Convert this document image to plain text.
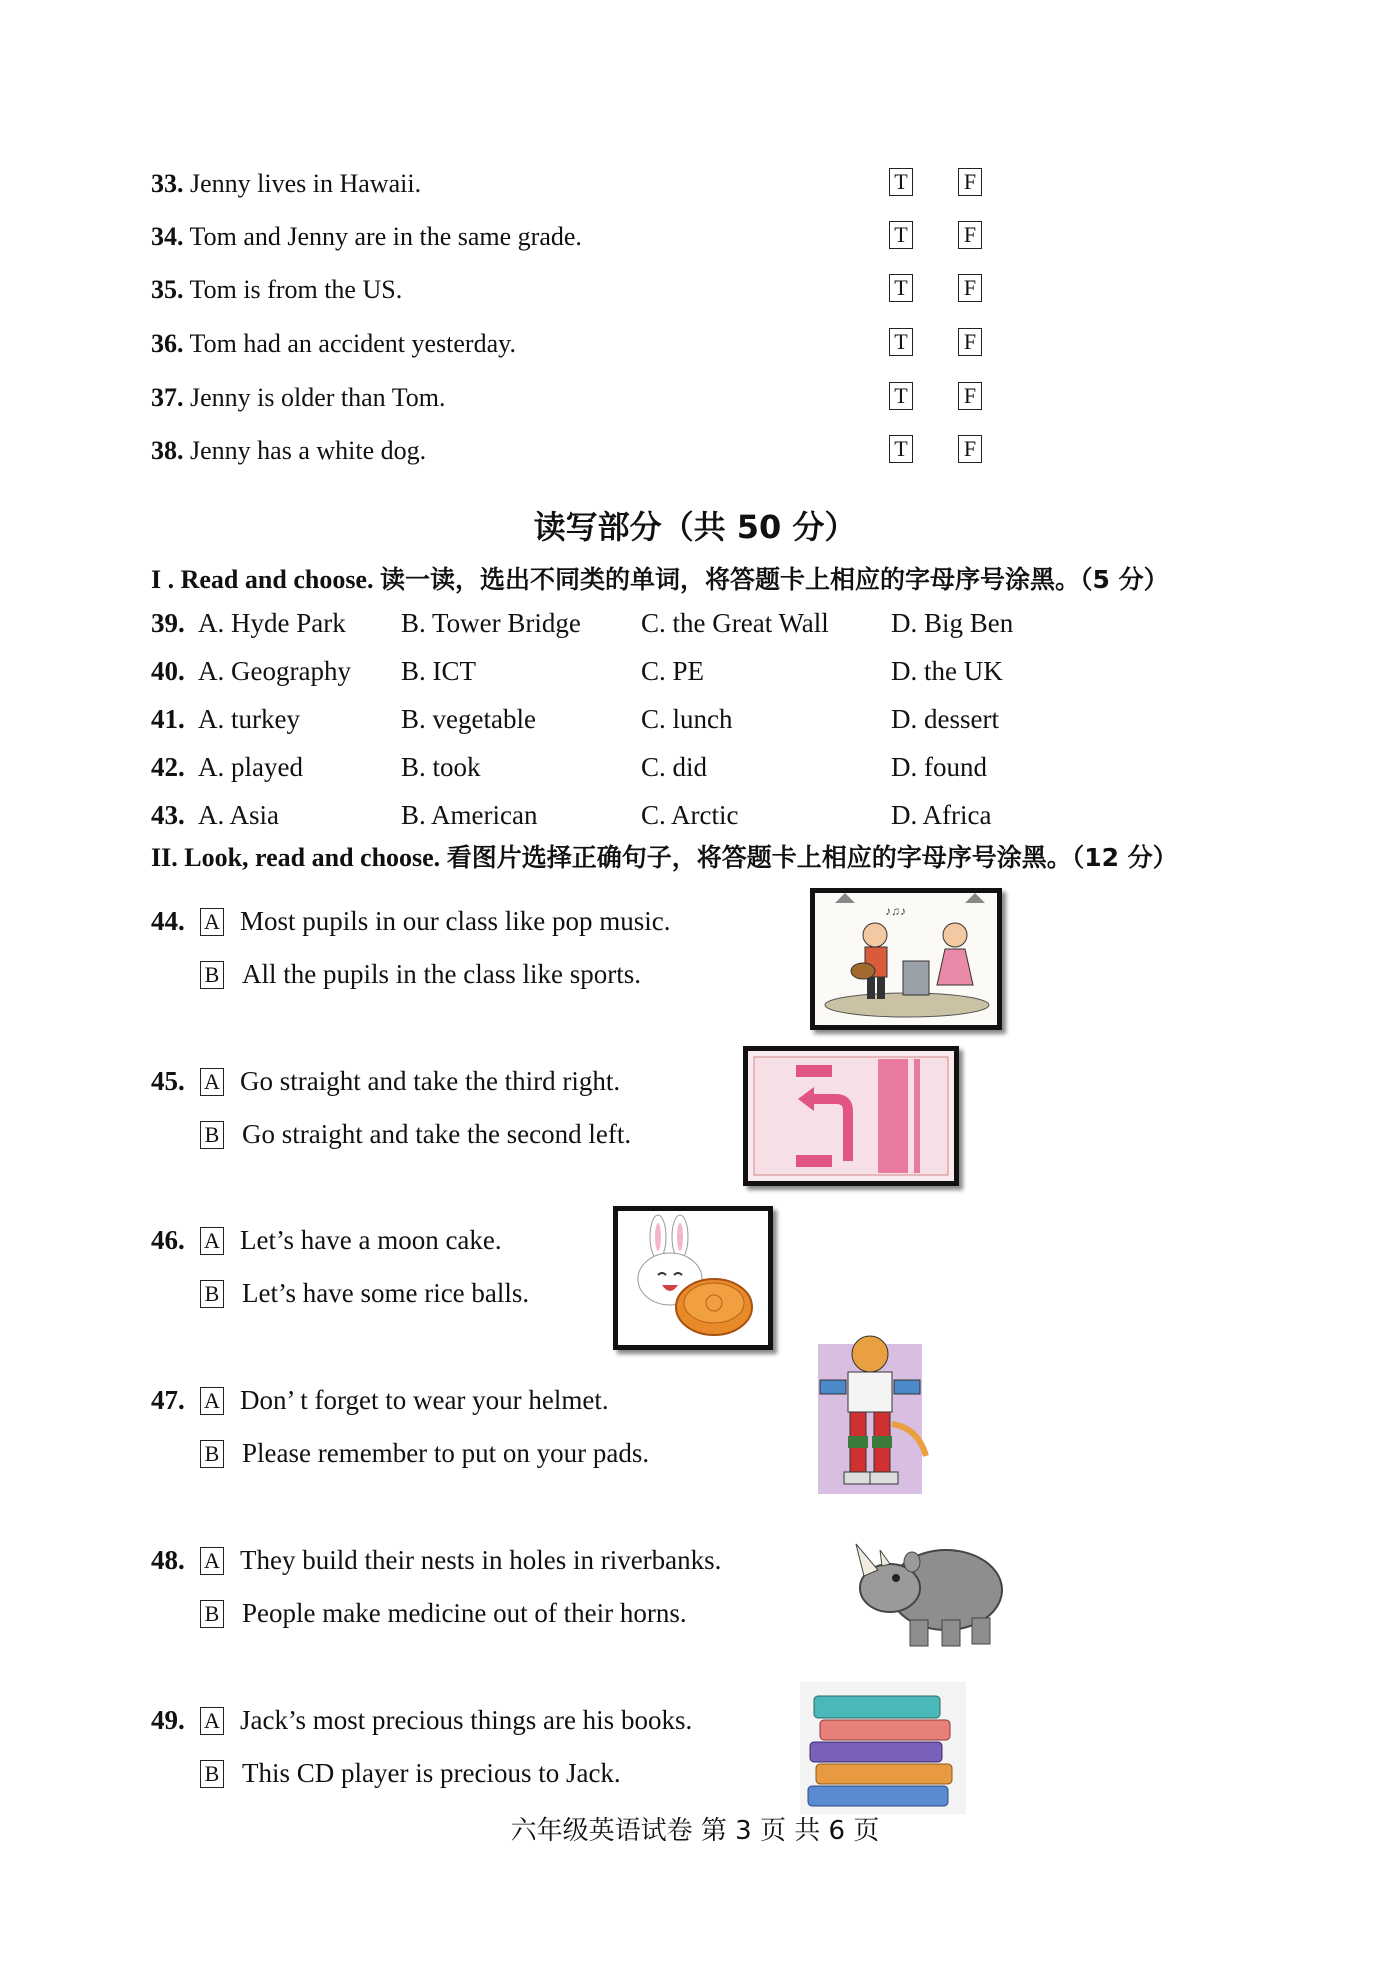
33. Jenny lives in Hawaii.	T	F
34. Tom and Jenny are in the same grade.	T	F
35. Tom is from the US.	T	F
36. Tom had an accident yesterday.	T	F
37. Jenny is older than Tom.	T	F
38. Jenny has a white dog.	T	F
读写部分（共 50 分）
I . Read and choose. 读一读，选出不同类的单词，将答题卡上相应的字母序号涂黑。（5 分）
39. A. Hyde Park B. Tower Bridge C. the Great Wall D. Big Ben
40. A. Geography B. ICT	C. PE	D. the UK
41. A. turkey	B. vegetable	C. lunch	D. dessert
42. A. played	B. took	C. did	D. found
43. A. Asia	B. American	C. Arctic	D. Africa
II. Look, read and choose. 看图片选择正确句子，将答题卡上相应的字母序号涂黑。（12 分）
44. A Most pupils in our class like pop music.
B All the pupils in the class like sports.
♪♫♪
45. A Go straight and take the third right.
B Go straight and take the second left.
46. A Let’s have a moon cake.
B Let’s have some rice balls.
47. A Don’ t forget to wear your helmet.
B Please remember to put on your pads.
48. A They build their nests in holes in riverbanks.
B People make medicine out of their horns.
49. A Jack’s most precious things are his books.
B This CD player is precious to Jack.
六年级英语试卷 第 3 页 共 6 页
